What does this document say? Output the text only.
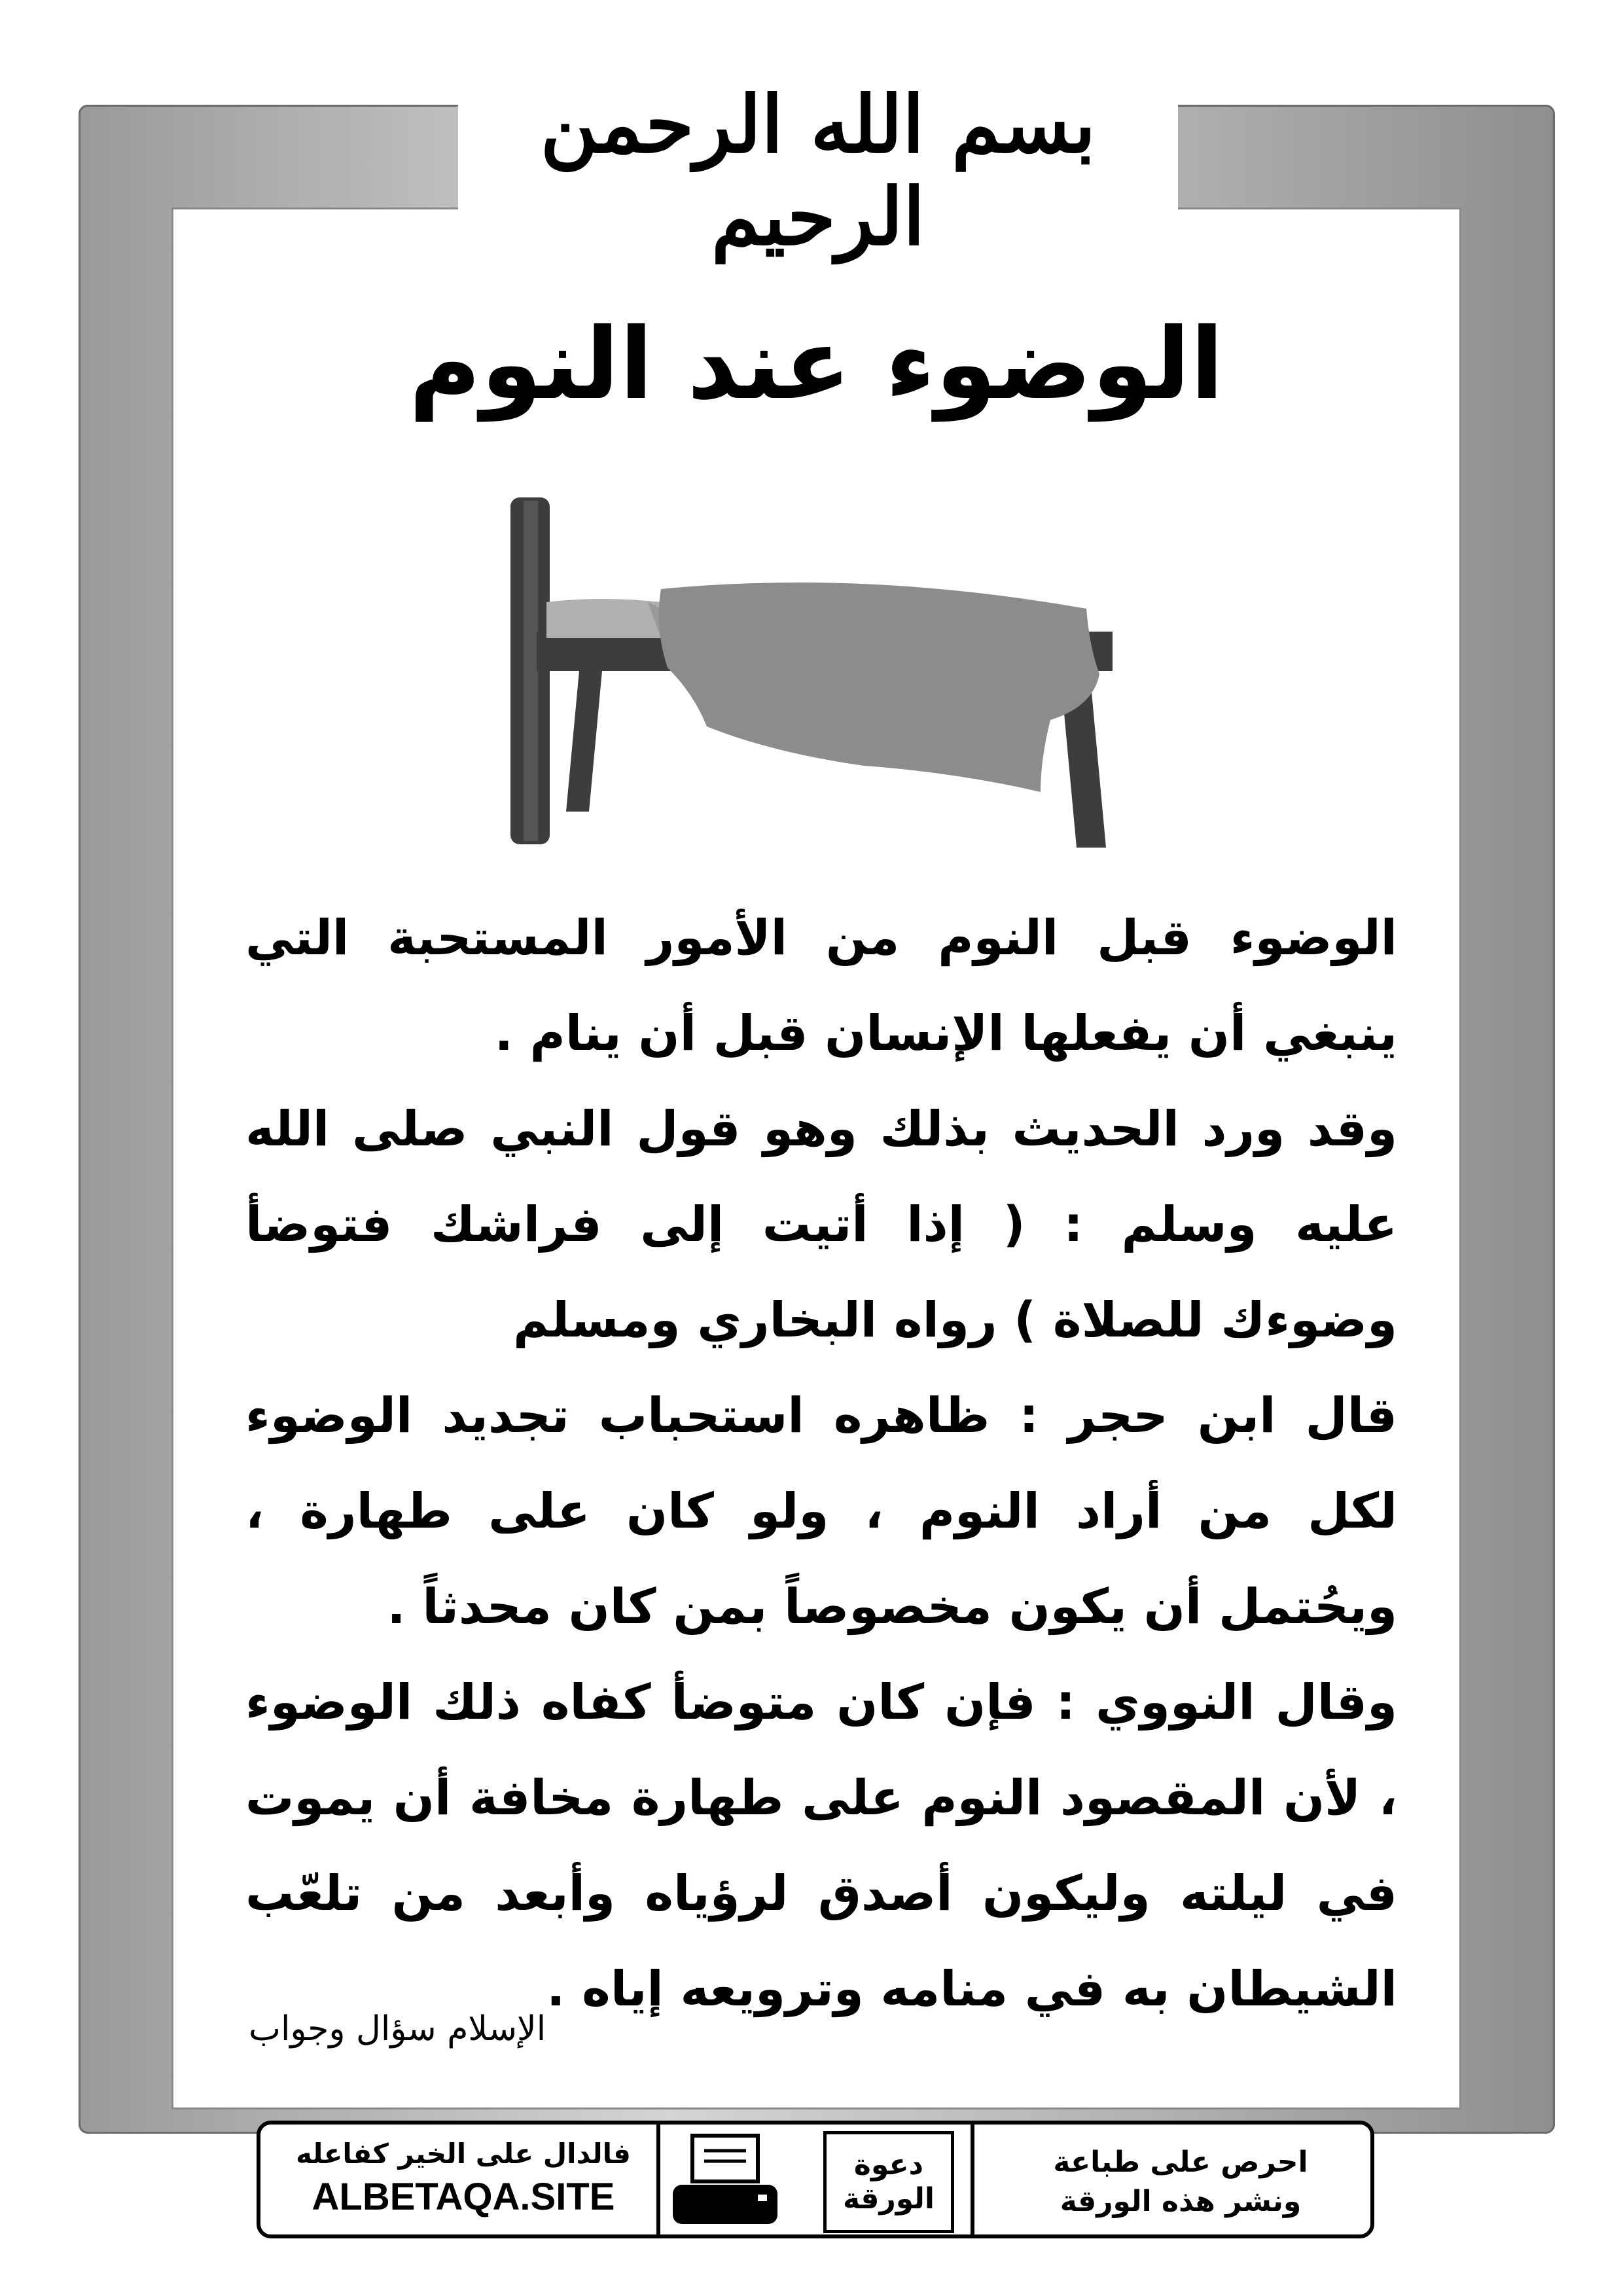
بسم الله الرحمن الرحيم
الوضوء عند النوم

الوضوء قبل النوم من الأمور المستحبة التي ينبغي أن يفعلها الإنسان قبل أن ينام .

وقد ورد الحديث بذلك وهو قول النبي صلى الله عليه وسلم : ( إذا أتيت إلى فراشك فتوضأ وضوءك للصلاة ) رواه البخاري ومسلم

قال ابن حجر : ظاهره استحباب تجديد الوضوء لكل من أراد النوم ، ولو كان على طهارة ، ويحُتمل أن يكون مخصوصاً بمن كان محدثاً .

وقال النووي : فإن كان متوضأ كفاه ذلك الوضوء ، لأن المقصود النوم على طهارة مخافة أن يموت في ليلته وليكون أصدق لرؤياه وأبعد من تلعّب الشيطان به في منامه وترويعه إياه .

الإسلام سؤال وجواب
فالدال على الخير كفاعله
ALBETAQA.SITE
دعوة الورقة
احرص على طباعة
ونشر هذه الورقة
